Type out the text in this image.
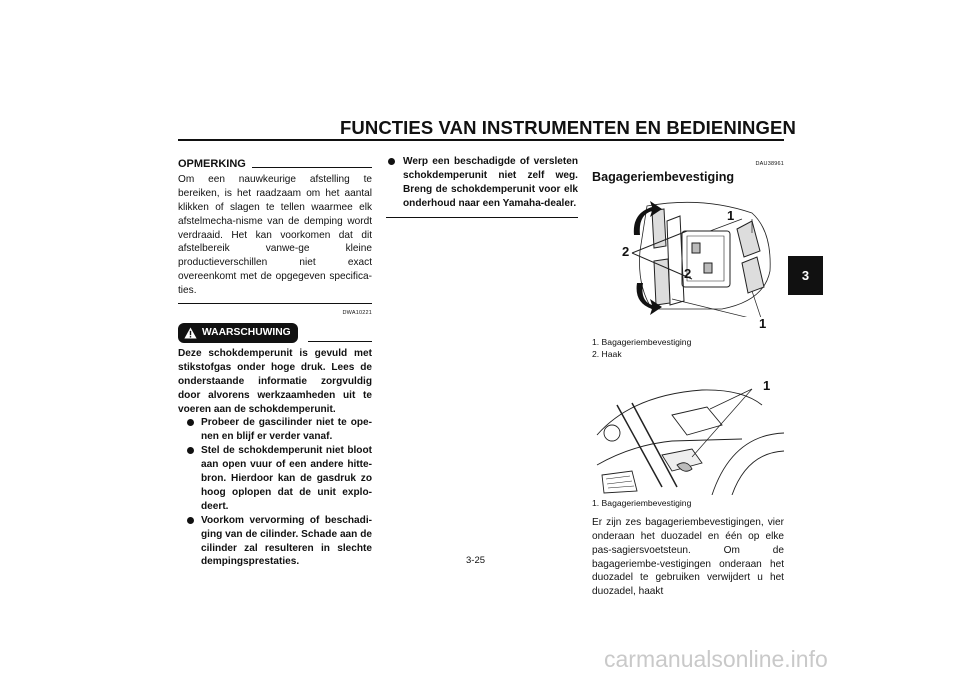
FUNCTIES VAN INSTRUMENTEN EN BEDIENINGEN
3
OPMERKING

Om een nauwkeurige afstelling te bereiken, is het raadzaam om het aantal klikken of slagen te tellen waarmee elk afstelmecha-nisme van de demping wordt verdraaid. Het kan voorkomen dat dit afstelbereik vanwe-ge kleine productieverschillen niet exact overeenkomt met de opgegeven specifica-ties.

DWA10221
WAARSCHUWING

Deze schokdemperunit is gevuld met stikstofgas onder hoge druk. Lees de onderstaande informatie zorgvuldig door alvorens werkzaamheden uit te voeren aan de schokdemperunit.

Probeer de gascilinder niet te ope-nen en blijf er verder vanaf.
Stel de schokdemperunit niet bloot aan open vuur of een andere hitte-bron. Hierdoor kan de gasdruk zo hoog oplopen dat de unit explo-deert.
Voorkom vervorming of beschadi-ging van de cilinder. Schade aan de cilinder zal resulteren in slechte dempingsprestaties.
Werp een beschadigde of versleten schokdemperunit niet zelf weg. Breng de schokdemperunit voor elk onderhoud naar een Yamaha-dealer.
DAU38961
Bagageriembevestiging
1
2
2
1
1. Bagageriembevestiging
2. Haak
1
1. Bagageriembevestiging

Er zijn zes bagageriembevestigingen, vier onderaan het duozadel en één op elke pas-sagiersvoetsteun. Om de bagageriembe-vestigingen onderaan het duozadel te gebruiken verwijdert u het duozadel, haakt

3-25
carmanualsonline.info
